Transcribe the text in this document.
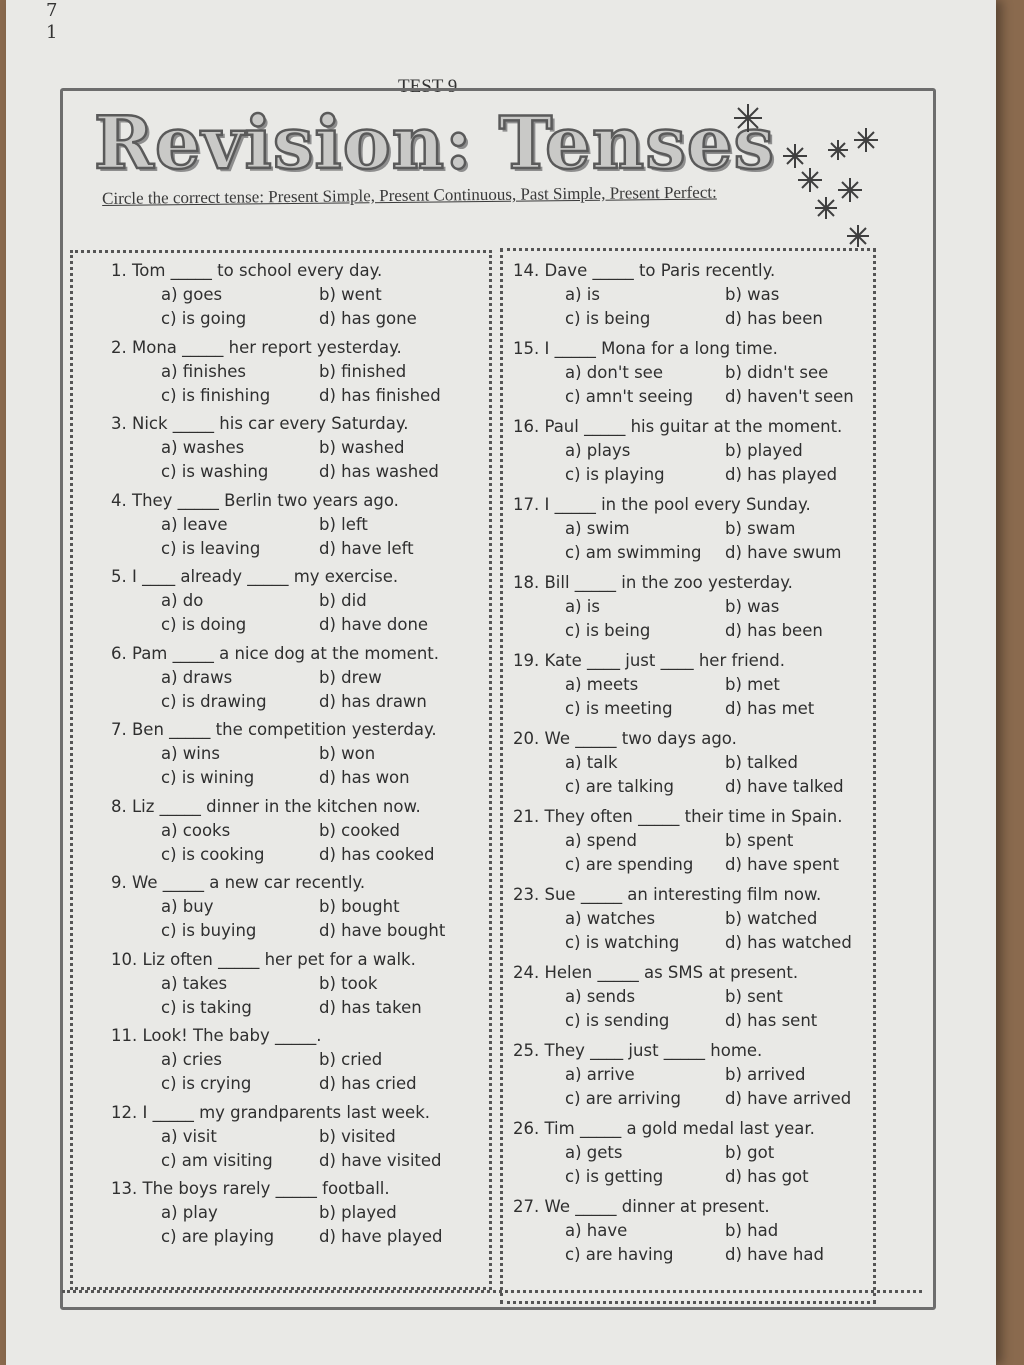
7
1
TEST 9
Revision: Tenses
Circle the correct tense: Present Simple, Present Continuous, Past Simple, Present Perfect:
1. Tom _____ to school every day.
a) goes	b) went
c) is going	d) has gone
2. Mona _____ her report yesterday.
a) finishes	b) finished
c) is finishing	d) has finished
3. Nick _____ his car every Saturday.
a) washes	b) washed
c) is washing	d) has washed
4. They _____ Berlin two years ago.
a) leave	b) left
c) is leaving	d) have left
5. I ____ already _____ my exercise.
a) do	b) did
c) is doing	d) have done
6. Pam _____ a nice dog at the moment.
a) draws	b) drew
c) is drawing	d) has drawn
7. Ben _____ the competition yesterday.
a) wins	b) won
c) is wining	d) has won
8. Liz _____ dinner in the kitchen now.
a) cooks	b) cooked
c) is cooking	d) has cooked
9. We _____ a new car recently.
a) buy	b) bought
c) is buying	d) have bought
10. Liz often _____ her pet for a walk.
a) takes	b) took
c) is taking	d) has taken
11. Look! The baby _____.
a) cries	b) cried
c) is crying	d) has cried
12. I _____ my grandparents last week.
a) visit	b) visited
c) am visiting	d) have visited
13. The boys rarely _____ football.
a) play	b) played
c) are playing	d) have played
14. Dave _____ to Paris recently.
a) is	b) was
c) is being	d) has been
15. I _____ Mona for a long time.
a) don't see	b) didn't see
c) amn't seeing d) haven't seen
16. Paul _____ his guitar at the moment.
a) plays	b) played
c) is playing	d) has played
17. I _____ in the pool every Sunday.
a) swim	b) swam
c) am swimming d) have swum
18. Bill _____ in the zoo yesterday.
a) is	b) was
c) is being	d) has been
19. Kate ____ just ____ her friend.
a) meets	b) met
c) is meeting	d) has met
20. We _____ two days ago.
a) talk	b) talked
c) are talking	d) have talked
21. They often _____ their time in Spain.
a) spend	b) spent
c) are spending d) have spent
23. Sue _____ an interesting film now.
a) watches	b) watched
c) is watching	d) has watched
24. Helen _____ as SMS at present.
a) sends	b) sent
c) is sending	d) has sent
25. They ____ just _____ home.
a) arrive	b) arrived
c) are arriving	d) have arrived
26. Tim _____ a gold medal last year.
a) gets	b) got
c) is getting	d) has got
27. We _____ dinner at present.
a) have	b) had
c) are having	d) have had
